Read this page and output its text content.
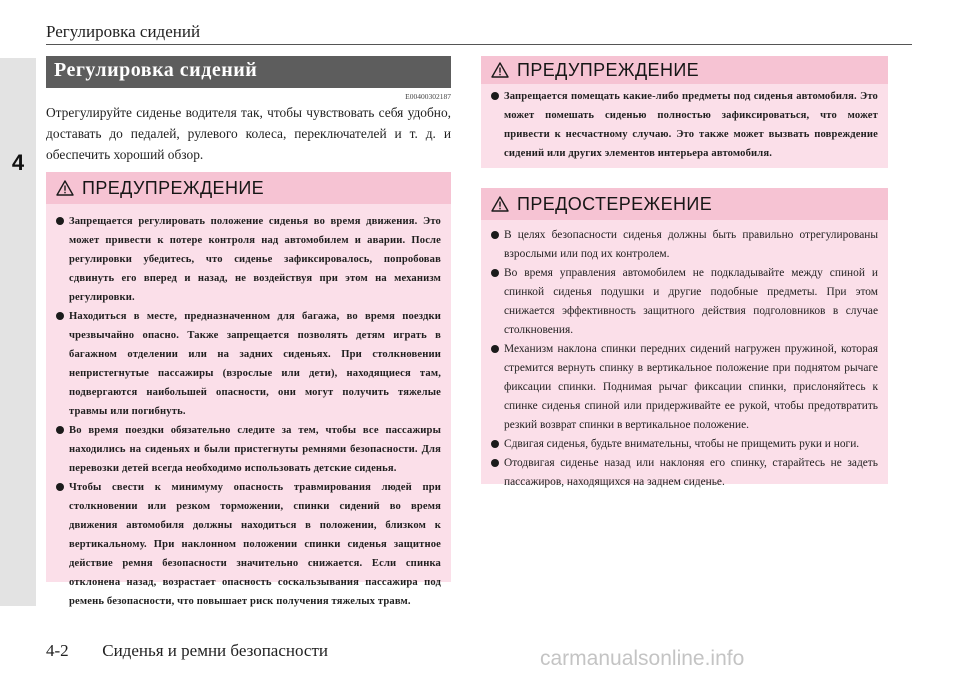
4
Регулировка сидений
Регулировка сидений
E00400302187

Отрегулируйте сиденье водителя так, чтобы чувствовать себя удобно, доставать до педалей, рулевого колеса, переключателей и т. д. и обеспечить хороший обзор.

ПРЕДУПРЕЖДЕНИЕ
Запрещается регулировать положение сиденья во время движения. Это может привести к потере контроля над автомобилем и аварии. После регулировки убедитесь, что сиденье зафиксировалось, попробовав сдвинуть его вперед и назад, не воздействуя при этом на механизм регулировки.
Находиться в месте, предназначенном для багажа, во время поездки чрезвычайно опасно. Также запрещается позволять детям играть в багажном отделении или на задних сиденьях. При столкновении непристегнутые пассажиры (взрослые или дети), находящиеся там, подвергаются наибольшей опасности, они могут получить тяжелые травмы или погибнуть.
Во время поездки обязательно следите за тем, чтобы все пассажиры находились на сиденьях и были пристегнуты ремнями безопасности. Для перевозки детей всегда необходимо использовать детские сиденья.
Чтобы свести к минимуму опасность травмирования людей при столкновении или резком торможении, спинки сидений во время движения автомобиля должны находиться в положении, близком к вертикальному. При наклонном положении спинки сиденья защитное действие ремня безопасности значительно снижается. Если спинка отклонена назад, возрастает опасность соскальзывания пассажира под ремень безопасности, что повышает риск получения тяжелых травм.
ПРЕДУПРЕЖДЕНИЕ
Запрещается помещать какие-либо предметы под сиденья автомобиля. Это может помешать сиденью полностью зафиксироваться, что может привести к несчастному случаю. Это также может вызвать повреждение сидений или других элементов интерьера автомобиля.
ПРЕДОСТЕРЕЖЕНИЕ
В целях безопасности сиденья должны быть правильно отрегулированы взрослыми или под их контролем.
Во время управления автомобилем не подкладывайте между спиной и спинкой сиденья подушки и другие подобные предметы. При этом снижается эффективность защитного действия подголовников в случае столкновения.
Механизм наклона спинки передних сидений нагружен пружиной, которая стремится вернуть спинку в вертикальное положение при поднятом рычаге фиксации спинки. Поднимая рычаг фиксации спинки, прислоняйтесь к спинке сиденья спиной или придерживайте ее рукой, чтобы предотвратить резкий возврат спинки в вертикальное положение.
Сдвигая сиденья, будьте внимательны, чтобы не прищемить руки и ноги.
Отодвигая сиденье назад или наклоняя его спинку, старайтесь не задеть пассажиров, находящихся на заднем сиденье.
4-2 Сиденья и ремни безопасности	carmanualsonline.info
